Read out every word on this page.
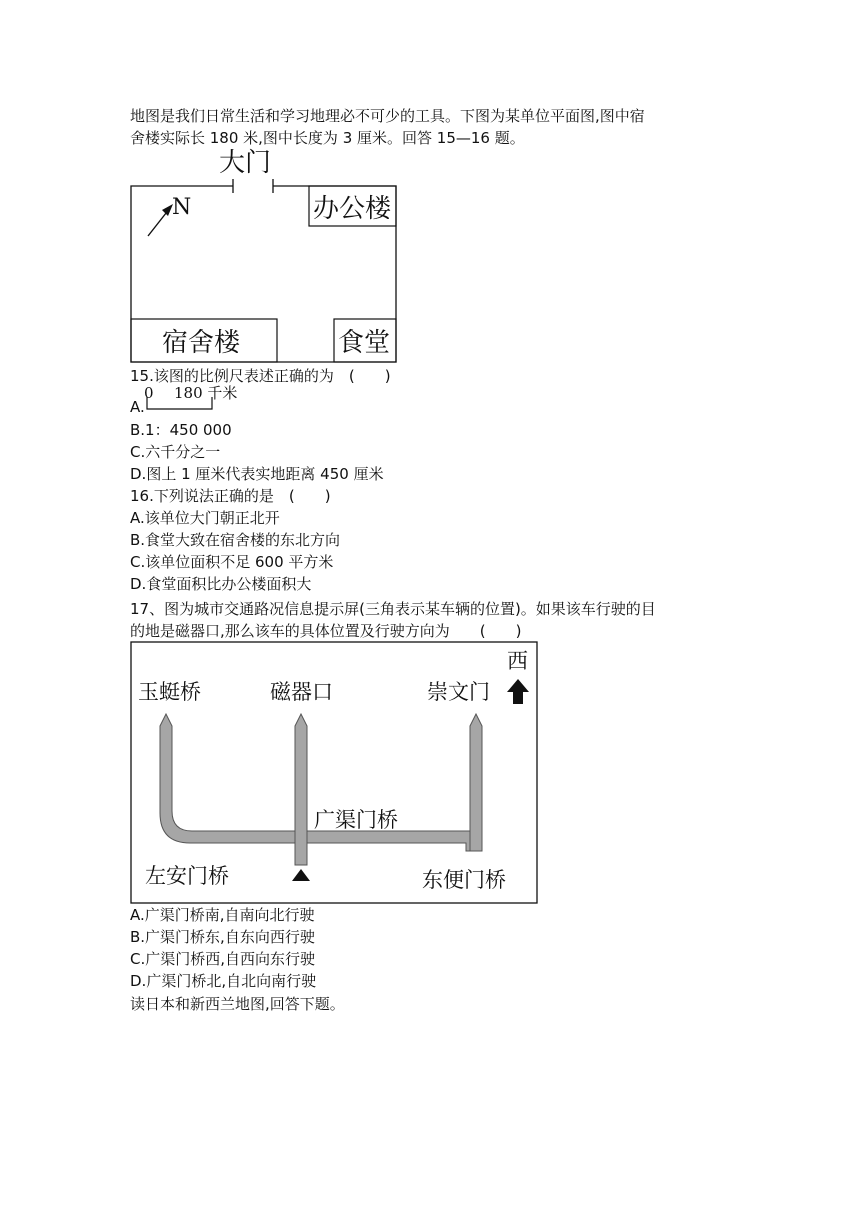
地图是我们日常生活和学习地理必不可少的工具。下图为某单位平面图,图中宿
舍楼实际长 180 米,图中长度为 3 厘米。回答 15—16 题。
大门
办公楼
宿舍楼	食堂
N
15.该图的比例尺表述正确的为　(　　)
A.
0 180 千米
B.1：450 000
C.六千分之一
D.图上 1 厘米代表实地距离 450 厘米
16.下列说法正确的是　(　　)
A.该单位大门朝正北开
B.食堂大致在宿舍楼的东北方向
C.该单位面积不足 600 平方米
D.食堂面积比办公楼面积大
17、图为城市交通路况信息提示屏(三角表示某车辆的位置)。如果该车行驶的目
的地是磁器口,那么该车的具体位置及行驶方向为　　(　　)
西
玉蜓桥	磁器口	崇文门
广渠门桥
左安门桥	东便门桥
A.广渠门桥南,自南向北行驶
B.广渠门桥东,自东向西行驶
C.广渠门桥西,自西向东行驶
D.广渠门桥北,自北向南行驶
读日本和新西兰地图,回答下题。
